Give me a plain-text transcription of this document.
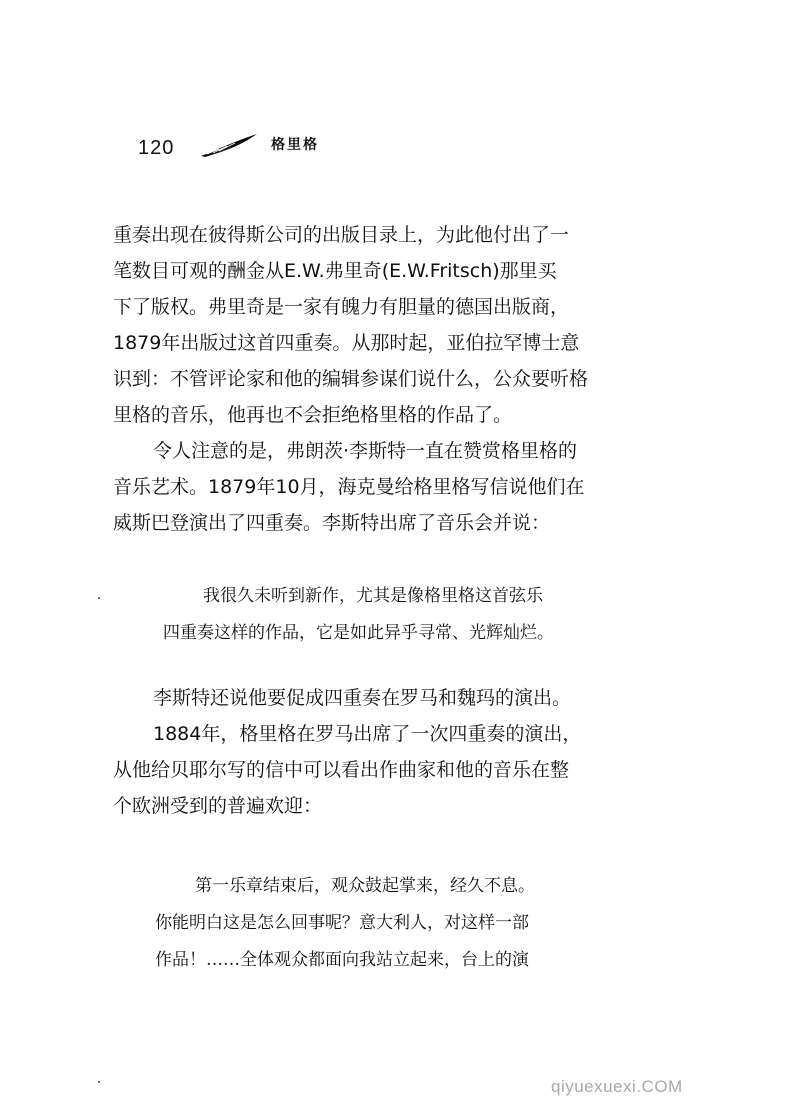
120	格里格
重奏出现在彼得斯公司的出版目录上，为此他付出了一
笔数目可观的酬金从E.W.弗里奇(E.W.Fritsch)那里买
下了版权。弗里奇是一家有魄力有胆量的德国出版商，
1879年出版过这首四重奏。从那时起，亚伯拉罕博士意
识到：不管评论家和他的编辑参谋们说什么，公众要听格
里格的音乐，他再也不会拒绝格里格的作品了。
令人注意的是，弗朗茨·李斯特一直在赞赏格里格的
音乐艺术。1879年10月，海克曼给格里格写信说他们在
威斯巴登演出了四重奏。李斯特出席了音乐会并说：
我很久未听到新作，尤其是像格里格这首弦乐
四重奏这样的作品，它是如此异乎寻常、光辉灿烂。
李斯特还说他要促成四重奏在罗马和魏玛的演出。
1884年，格里格在罗马出席了一次四重奏的演出，
从他给贝耶尔写的信中可以看出作曲家和他的音乐在整
个欧洲受到的普遍欢迎：
第一乐章结束后，观众鼓起掌来，经久不息。
你能明白这是怎么回事呢？意大利人，对这样一部
作品！……全体观众都面向我站立起来，台上的演
qiyuexuexi.COM
